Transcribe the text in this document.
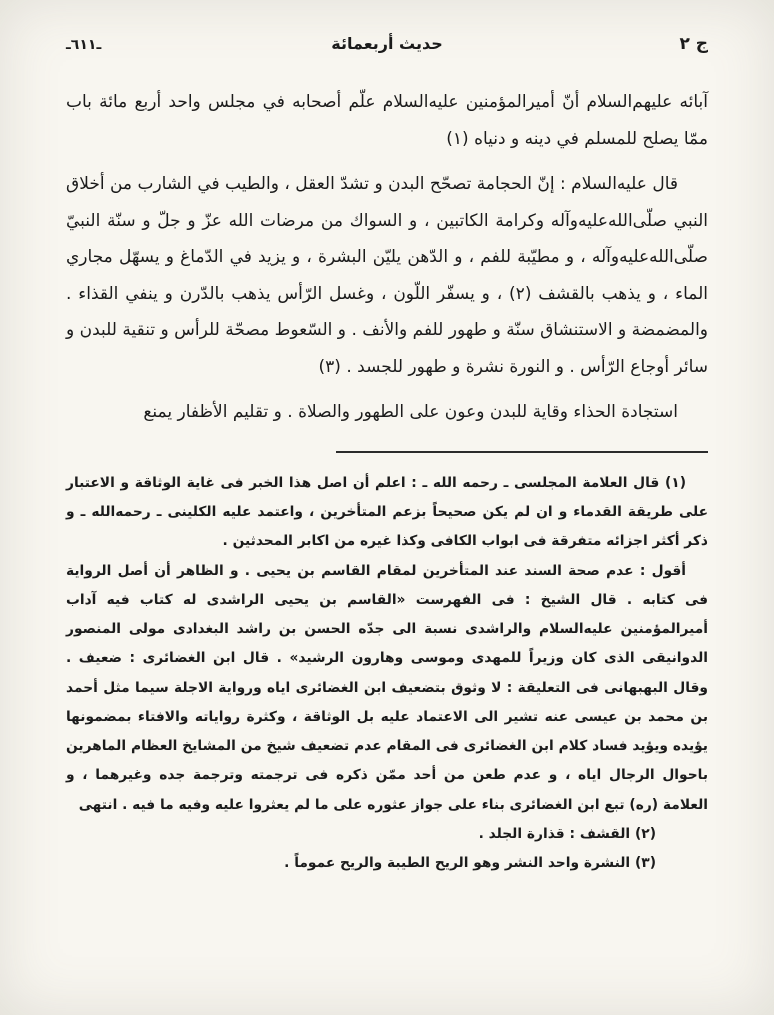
ج ٢
حديث أربعمائة
ـ٦١١ـ

آبائه عليهم‌السلام أنّ أميرالمؤمنين عليه‌السلام علّم أصحابه في مجلس واحد أربع مائة باب ممّا يصلح للمسلم في دينه و دنياه (١)

قال عليه‌السلام : إنّ الحجامة تصحّح البدن و تشدّ العقل ، والطيب في الشارب من أخلاق النبي صلّى‌الله‌عليه‌وآله وكرامة الكاتبين ، و السواك من مرضات الله عزّ و جلّ و سنّة النبيّ صلّى‌الله‌عليه‌وآله ، و مطيّبة للفم ، و الدّهن يليّن البشرة ، و يزيد في الدّماغ و يسهّل مجاري الماء ، و يذهب بالقشف (٢) ، و يسفّر اللّون ، وغسل الرّأس يذهب بالدّرن و ينفي القذاء . والمضمضة و الاستنشاق سنّة و طهور للفم والأنف . و السّعوط مصحّة للرأس و تنقية للبدن و سائر أوجاع الرّأس . و النورة نشرة و طهور للجسد . (٣)

استجادة الحذاء وقاية للبدن وعون على الطهور والصلاة . و تقليم الأظفار يمنع

(١) قال العلامة المجلسى ـ رحمه الله ـ : اعلم أن اصل هذا الخبر فى غاية الوثاقة و الاعتبار على طريقة القدماء و ان لم يكن صحيحاً بزعم المتأخرين ، واعتمد عليه الكلينى ـ رحمه‌الله ـ و ذكر أكثر اجزائه متفرقة فى ابواب الكافى وكذا غيره من اكابر المحدثين .

أقول : عدم صحة السند عند المتأخرين لمقام القاسم بن يحيى . و الظاهر أن أصل الرواية فى كتابه . قال الشيخ : فى الفهرست «القاسم بن يحيى الراشدى له كتاب فيه آداب أميرالمؤمنين عليه‌السلام والراشدى نسبة الى جدّه الحسن بن راشد البغدادى مولى المنصور الدوانيقى الذى كان وزيراً للمهدى وموسى وهارون الرشيد» . قال ابن الغضائرى : ضعيف . وقال البهبهانى فى التعليقة : لا وثوق بتضعيف ابن الغضائرى اياه ورواية الاجلة سيما مثل أحمد بن محمد بن عيسى عنه تشير الى الاعتماد عليه بل الوثاقة ، وكثرة رواياته والافتاء بمضمونها يؤيده ويؤيد فساد كلام ابن الغضائرى فى المقام عدم تضعيف شيخ من المشايخ العظام الماهرين باحوال الرجال اياه ، و عدم طعن من أحد ممّن ذكره فى ترجمته وترجمة جده وغيرهما ، و العلامة (ره) تبع ابن الغضائرى بناء على جواز عثوره على ما لم يعثروا عليه وفيه ما فيه . انتهى

(٢) القشف : قذارة الجلد .

(٣) النشرة واحد النشر وهو الريح الطيبة والريح عموماً .
